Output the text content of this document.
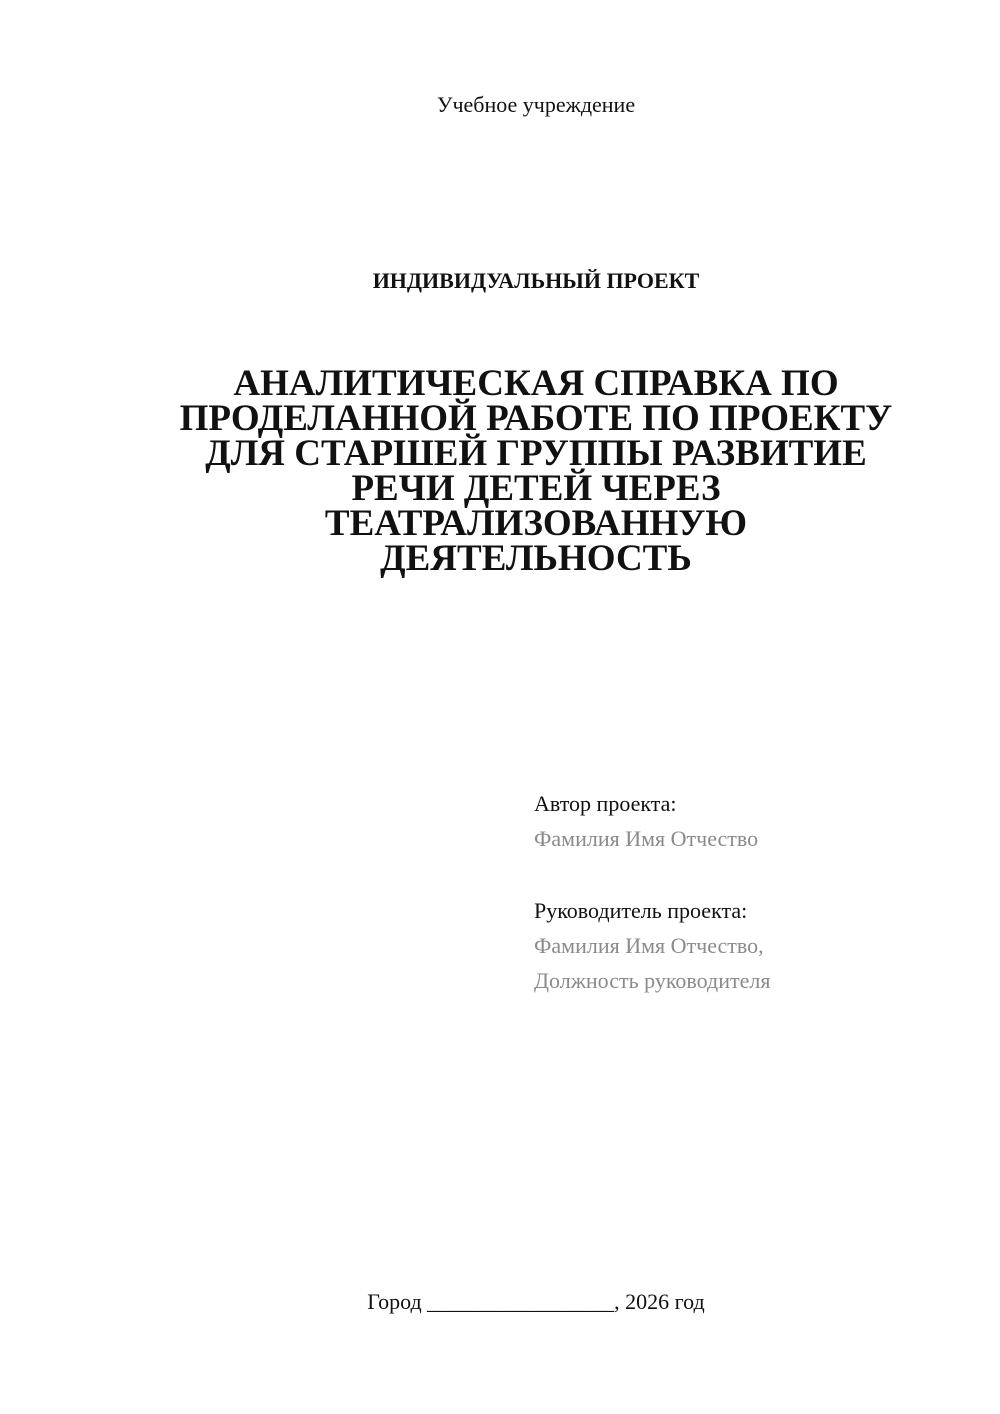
Учебное учреждение
ИНДИВИДУАЛЬНЫЙ ПРОЕКТ
АНАЛИТИЧЕСКАЯ СПРАВКА ПО
ПРОДЕЛАННОЙ РАБОТЕ ПО ПРОЕКТУ
ДЛЯ СТАРШЕЙ ГРУППЫ РАЗВИТИЕ
РЕЧИ ДЕТЕЙ ЧЕРЕЗ
ТЕАТРАЛИЗОВАННУЮ
ДЕЯТЕЛЬНОСТЬ
Автор проекта:
Фамилия Имя Отчество
Руководитель проекта:
Фамилия Имя Отчество,
Должность руководителя
Город _________________, 2026 год
